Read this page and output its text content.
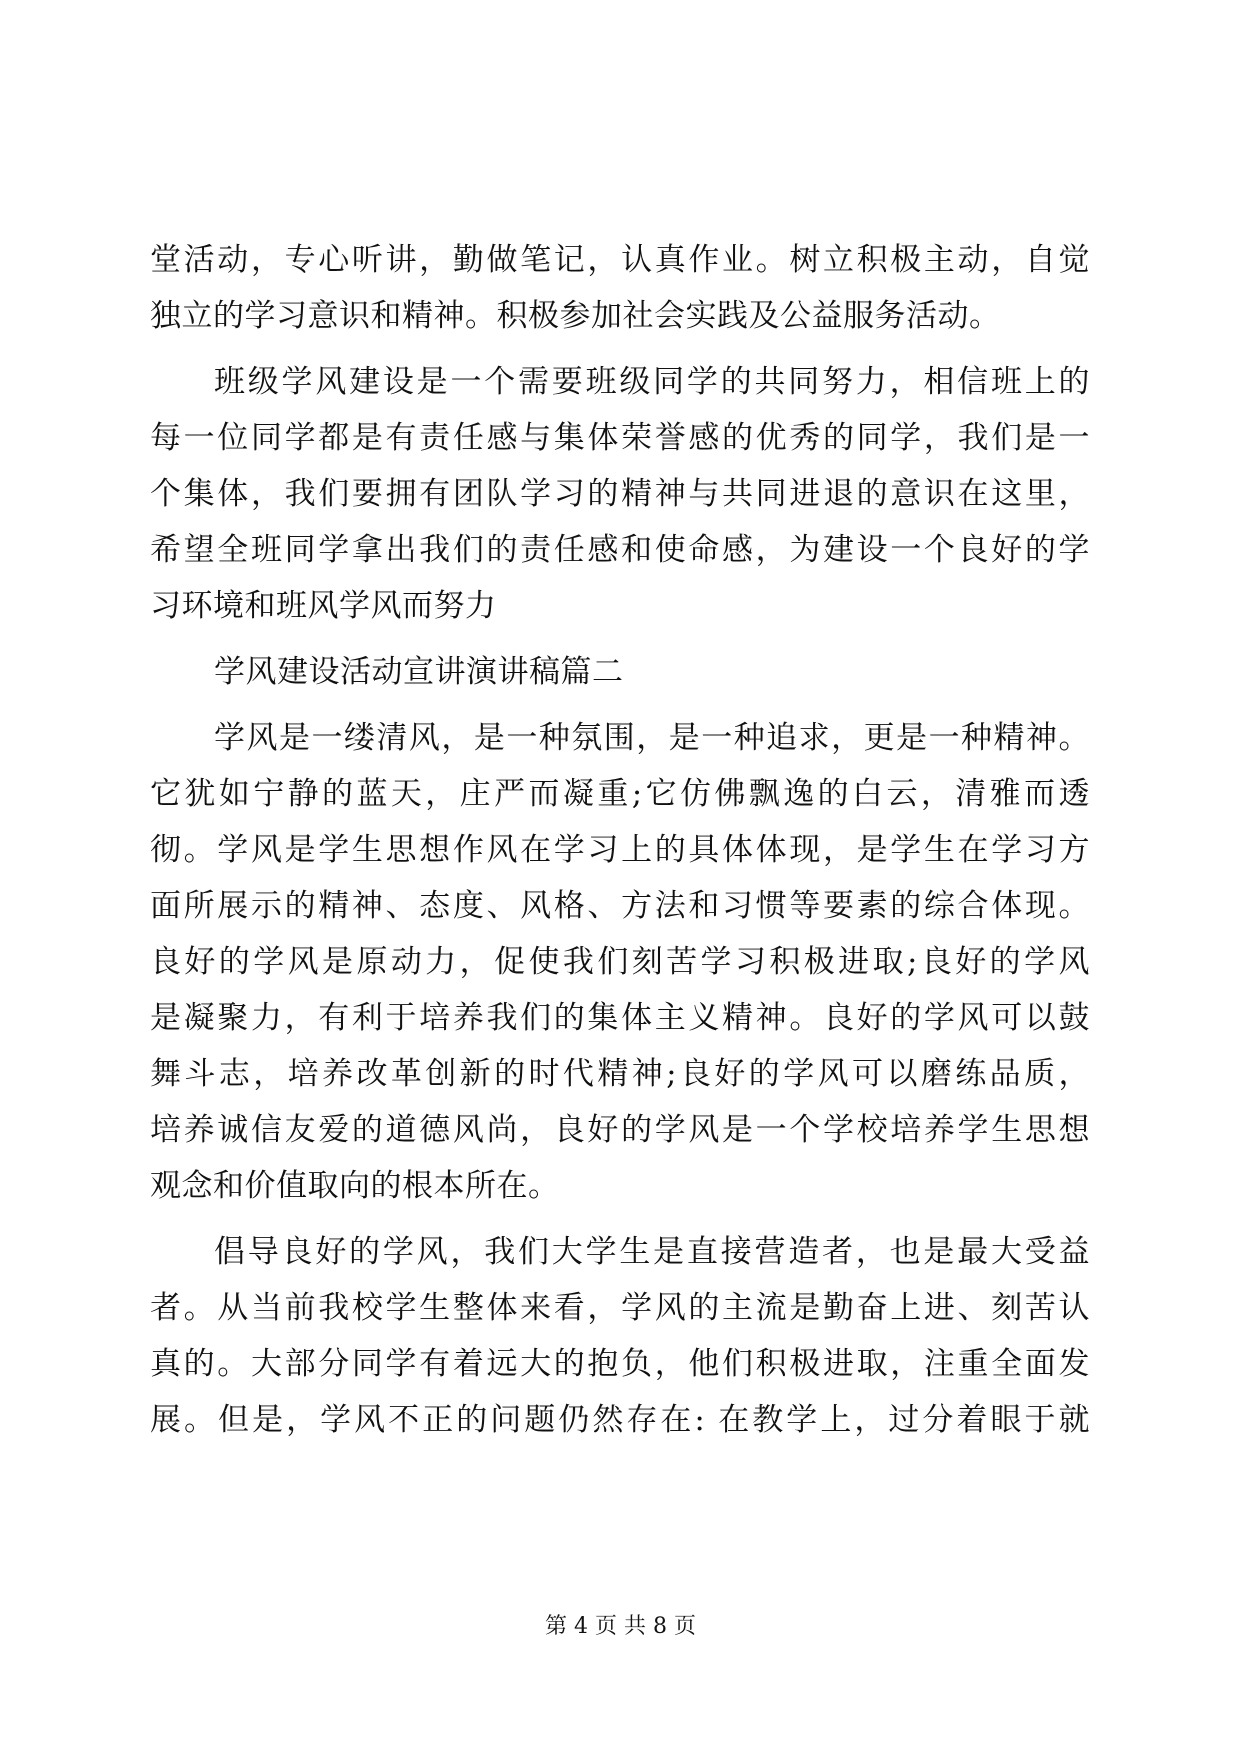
堂活动，专心听讲，勤做笔记，认真作业。树立积极主动，自觉
独立的学习意识和精神。积极参加社会实践及公益服务活动。
班级学风建设是一个需要班级同学的共同努力，相信班上的
每一位同学都是有责任感与集体荣誉感的优秀的同学，我们是一
个集体，我们要拥有团队学习的精神与共同进退的意识在这里，
希望全班同学拿出我们的责任感和使命感，为建设一个良好的学
习环境和班风学风而努力
学风建设活动宣讲演讲稿篇二
学风是一缕清风，是一种氛围，是一种追求，更是一种精神。
它犹如宁静的蓝天，庄严而凝重;它仿佛飘逸的白云，清雅而透
彻。学风是学生思想作风在学习上的具体体现，是学生在学习方
面所展示的精神、态度、风格、方法和习惯等要素的综合体现。
良好的学风是原动力，促使我们刻苦学习积极进取;良好的学风
是凝聚力，有利于培养我们的集体主义精神。良好的学风可以鼓
舞斗志，培养改革创新的时代精神;良好的学风可以磨练品质，
培养诚信友爱的道德风尚，良好的学风是一个学校培养学生思想
观念和价值取向的根本所在。
倡导良好的学风，我们大学生是直接营造者，也是最大受益
者。从当前我校学生整体来看，学风的主流是勤奋上进、刻苦认
真的。大部分同学有着远大的抱负，他们积极进取，注重全面发
展。但是，学风不正的问题仍然存在: 在教学上，过分着眼于就
第 4 页 共 8 页
